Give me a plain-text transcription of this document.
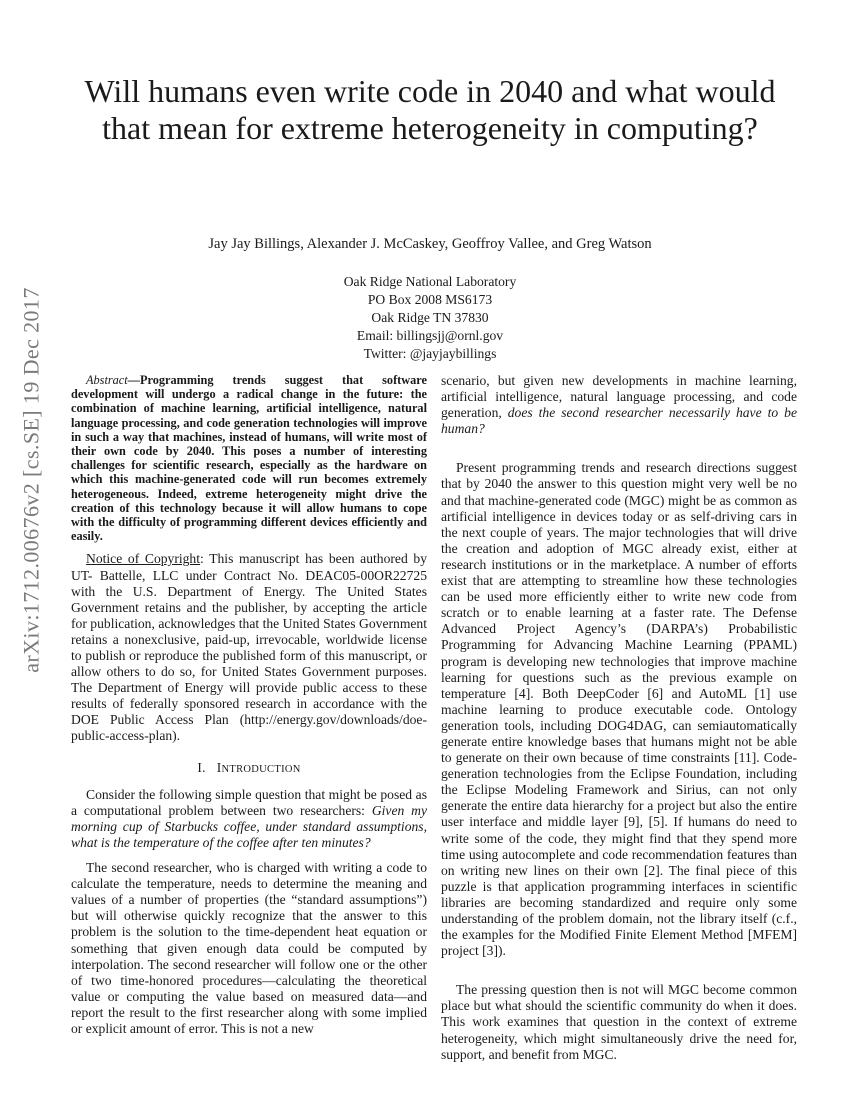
arXiv:1712.00676v2 [cs.SE] 19 Dec 2017
Will humans even write code in 2040 and what would that mean for extreme heterogeneity in computing?
Jay Jay Billings, Alexander J. McCaskey, Geoffroy Vallee, and Greg Watson
Oak Ridge National Laboratory
PO Box 2008 MS6173
Oak Ridge TN 37830
Email: billingsjj@ornl.gov
Twitter: @jayjaybillings

Abstract—Programming trends suggest that software development will undergo a radical change in the future: the combination of machine learning, artificial intelligence, natural language processing, and code generation technologies will improve in such a way that machines, instead of humans, will write most of their own code by 2040. This poses a number of interesting challenges for scientific research, especially as the hardware on which this machine-generated code will run becomes extremely heterogeneous. Indeed, extreme heterogeneity might drive the creation of this technology because it will allow humans to cope with the difficulty of programming different devices efficiently and easily.

Notice of Copyright: This manuscript has been authored by UT- Battelle, LLC under Contract No. DEAC05-00OR22725 with the U.S. Department of Energy. The United States Government retains and the publisher, by accepting the article for publication, acknowledges that the United States Government retains a nonexclusive, paid-up, irrevocable, worldwide license to publish or reproduce the published form of this manuscript, or allow others to do so, for United States Government purposes. The Department of Energy will provide public access to these results of federally sponsored research in accordance with the DOE Public Access Plan (http://energy.gov/downloads/doe-public-access-plan).

I. INTRODUCTION

Consider the following simple question that might be posed as a computational problem between two researchers: Given my morning cup of Starbucks coffee, under standard assumptions, what is the temperature of the coffee after ten minutes?

The second researcher, who is charged with writing a code to calculate the temperature, needs to determine the meaning and values of a number of properties (the “standard assumptions”) but will otherwise quickly recognize that the answer to this problem is the solution to the time-dependent heat equation or something that given enough data could be computed by interpolation. The second researcher will follow one or the other of two time-honored procedures—calculating the theoretical value or computing the value based on measured data—and report the result to the first researcher along with some implied or explicit amount of error. This is not a new

scenario, but given new developments in machine learning, artificial intelligence, natural language processing, and code generation, does the second researcher necessarily have to be human?

Present programming trends and research directions suggest that by 2040 the answer to this question might very well be no and that machine-generated code (MGC) might be as common as artificial intelligence in devices today or as self-driving cars in the next couple of years. The major technologies that will drive the creation and adoption of MGC already exist, either at research institutions or in the marketplace. A number of efforts exist that are attempting to streamline how these technologies can be used more efficiently either to write new code from scratch or to enable learning at a faster rate. The Defense Advanced Project Agency’s (DARPA’s) Probabilistic Programming for Advancing Machine Learning (PPAML) program is developing new technologies that improve machine learning for questions such as the previous example on temperature [4]. Both DeepCoder [6] and AutoML [1] use machine learning to produce executable code. Ontology generation tools, including DOG4DAG, can semiautomatically generate entire knowledge bases that humans might not be able to generate on their own because of time constraints [11]. Code-generation technologies from the Eclipse Foundation, including the Eclipse Modeling Framework and Sirius, can not only generate the entire data hierarchy for a project but also the entire user interface and middle layer [9], [5]. If humans do need to write some of the code, they might find that they spend more time using autocomplete and code recommendation features than on writing new lines on their own [2]. The final piece of this puzzle is that application programming interfaces in scientific libraries are becoming standardized and require only some understanding of the problem domain, not the library itself (c.f., the examples for the Modified Finite Element Method [MFEM] project [3]).

The pressing question then is not will MGC become common place but what should the scientific community do when it does. This work examines that question in the context of extreme heterogeneity, which might simultaneously drive the need for, support, and benefit from MGC.
